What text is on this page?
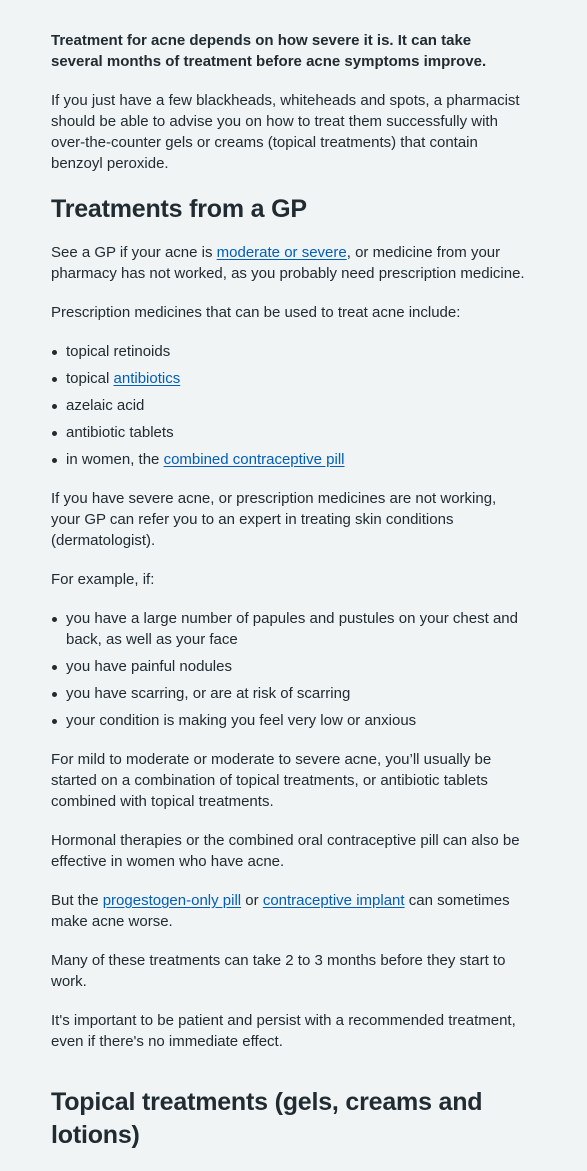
Treatment for acne depends on how severe it is. It can take several months of treatment before acne symptoms improve.

If you just have a few blackheads, whiteheads and spots, a pharmacist should be able to advise you on how to treat them successfully with over-the-counter gels or creams (topical treatments) that contain benzoyl peroxide.

Treatments from a GP

See a GP if your acne is moderate or severe, or medicine from your pharmacy has not worked, as you probably need prescription medicine.

Prescription medicines that can be used to treat acne include:

topical retinoids
topical antibiotics
azelaic acid
antibiotic tablets
in women, the combined contraceptive pill

If you have severe acne, or prescription medicines are not working, your GP can refer you to an expert in treating skin conditions (dermatologist).

For example, if:

you have a large number of papules and pustules on your chest and back, as well as your face
you have painful nodules
you have scarring, or are at risk of scarring
your condition is making you feel very low or anxious

For mild to moderate or moderate to severe acne, you’ll usually be started on a combination of topical treatments, or antibiotic tablets combined with topical treatments.

Hormonal therapies or the combined oral contraceptive pill can also be effective in women who have acne.

But the progestogen-only pill or contraceptive implant can sometimes make acne worse.

Many of these treatments can take 2 to 3 months before they start to work.

It's important to be patient and persist with a recommended treatment, even if there's no immediate effect.

Topical treatments (gels, creams and lotions)
